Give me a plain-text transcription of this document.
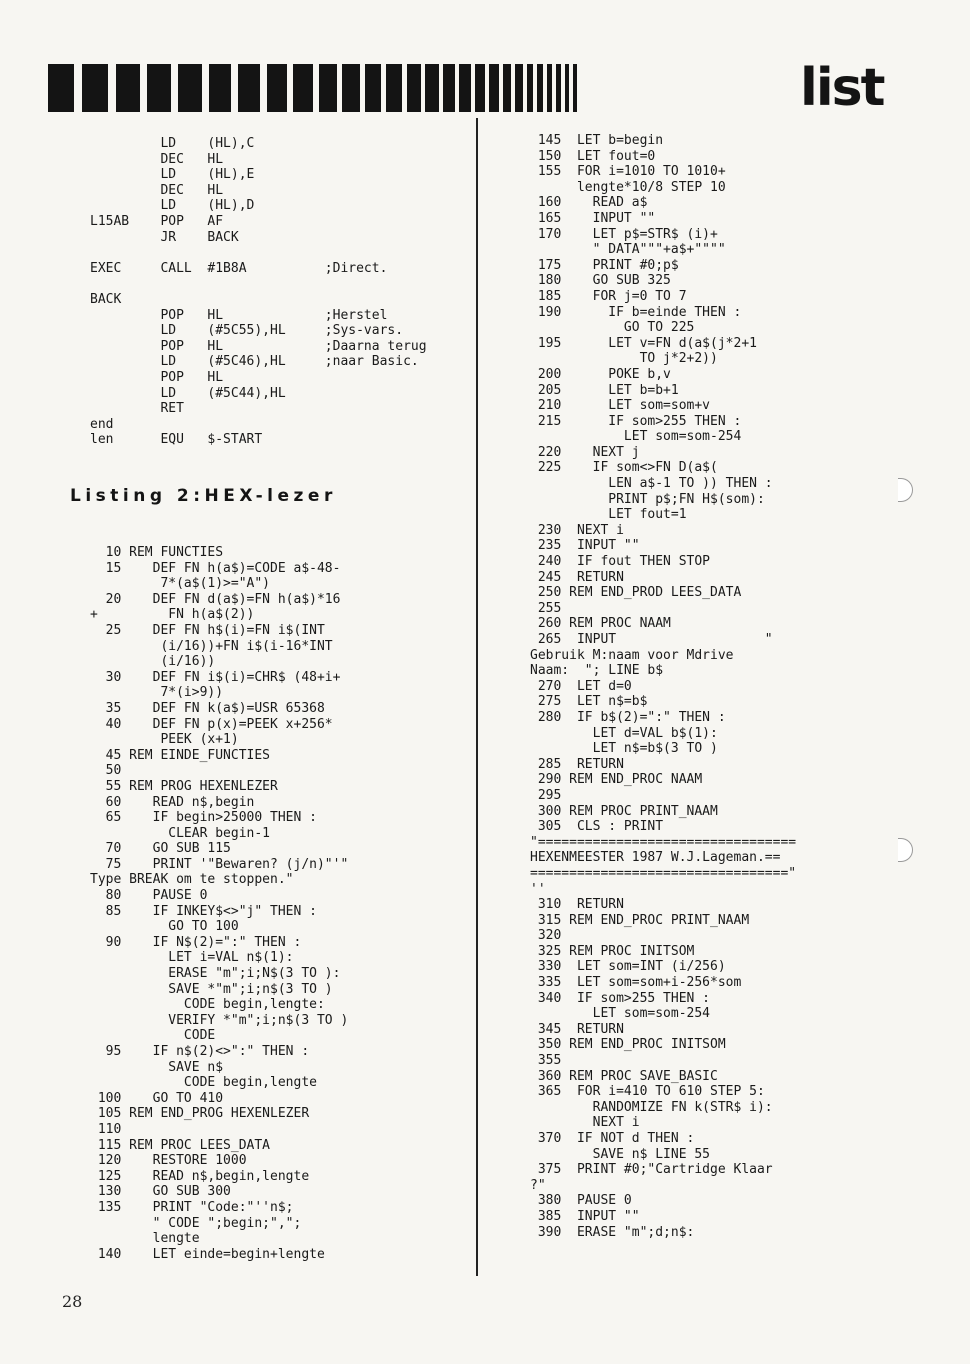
list
LD    (HL),C
DEC   HL
LD    (HL),E
DEC   HL
LD    (HL),D
L15AB    POP   AF
JR    BACK

EXEC     CALL  #1B8A          ;Direct.

BACK
POP   HL             ;Herstel
LD    (#5C55),HL     ;Sys-vars.
POP   HL             ;Daarna terug
LD    (#5C46),HL     ;naar Basic.
POP   HL
LD    (#5C44),HL
RET
end
len      EQU   $-START
Listing 2:HEX-lezer
10 REM FUNCTIES
15    DEF FN h(a$)=CODE a$-48-
7*(a$(1)>="A")
20    DEF FN d(a$)=FN h(a$)*16
+         FN h(a$(2))
25    DEF FN h$(i)=FN i$(INT
(i/16))+FN i$(i-16*INT
(i/16))
30    DEF FN i$(i)=CHR$ (48+i+
7*(i>9))
35    DEF FN k(a$)=USR 65368
40    DEF FN p(x)=PEEK x+256*
PEEK (x+1)
45 REM EINDE_FUNCTIES
50
55 REM PROG HEXENLEZER
60    READ n$,begin
65    IF begin>25000 THEN :
CLEAR begin-1
70    GO SUB 115
75    PRINT '"Bewaren? (j/n)"'"
Type BREAK om te stoppen."
80    PAUSE 0
85    IF INKEY$<>"j" THEN :
GO TO 100
90    IF N$(2)=":" THEN :
LET i=VAL n$(1):
ERASE "m";i;N$(3 TO ):
SAVE *"m";i;n$(3 TO )
CODE begin,lengte:
VERIFY *"m";i;n$(3 TO )
CODE
95    IF n$(2)<>":" THEN :
SAVE n$
CODE begin,lengte
100    GO TO 410
105 REM END_PROG HEXENLEZER
110
115 REM PROC LEES_DATA
120    RESTORE 1000
125    READ n$,begin,lengte
130    GO SUB 300
135    PRINT "Code:"''n$;
" CODE ";begin;",";
lengte
140    LET einde=begin+lengte
145  LET b=begin
150  LET fout=0
155  FOR i=1010 TO 1010+
lengte*10/8 STEP 10
160    READ a$
165    INPUT ""
170    LET p$=STR$ (i)+
" DATA"""+a$+""""
175    PRINT #0;p$
180    GO SUB 325
185    FOR j=0 TO 7
190      IF b=einde THEN :
GO TO 225
195      LET v=FN d(a$(j*2+1
TO j*2+2))
200      POKE b,v
205      LET b=b+1
210      LET som=som+v
215      IF som>255 THEN :
LET som=som-254
220    NEXT j
225    IF som<>FN D(a$(
LEN a$-1 TO )) THEN :
PRINT p$;FN H$(som):
LET fout=1
230  NEXT i
235  INPUT ""
240  IF fout THEN STOP
245  RETURN
250 REM END_PROD LEES_DATA
255
260 REM PROC NAAM
265  INPUT                   "
Gebruik M:naam voor Mdrive
Naam:  "; LINE b$
270  LET d=0
275  LET n$=b$
280  IF b$(2)=":" THEN :
LET d=VAL b$(1):
LET n$=b$(3 TO )
285  RETURN
290 REM END_PROC NAAM
295
300 REM PROC PRINT_NAAM
305  CLS : PRINT
"=================================
HEXENMEESTER 1987 W.J.Lageman.==
================================="
''
310  RETURN
315 REM END_PROC PRINT_NAAM
320
325 REM PROC INITSOM
330  LET som=INT (i/256)
335  LET som=som+i-256*som
340  IF som>255 THEN :
LET som=som-254
345  RETURN
350 REM END_PROC INITSOM
355
360 REM PROC SAVE_BASIC
365  FOR i=410 TO 610 STEP 5:
RANDOMIZE FN k(STR$ i):
NEXT i
370  IF NOT d THEN :
SAVE n$ LINE 55
375  PRINT #0;"Cartridge Klaar
?"
380  PAUSE 0
385  INPUT ""
390  ERASE "m";d;n$:
28
